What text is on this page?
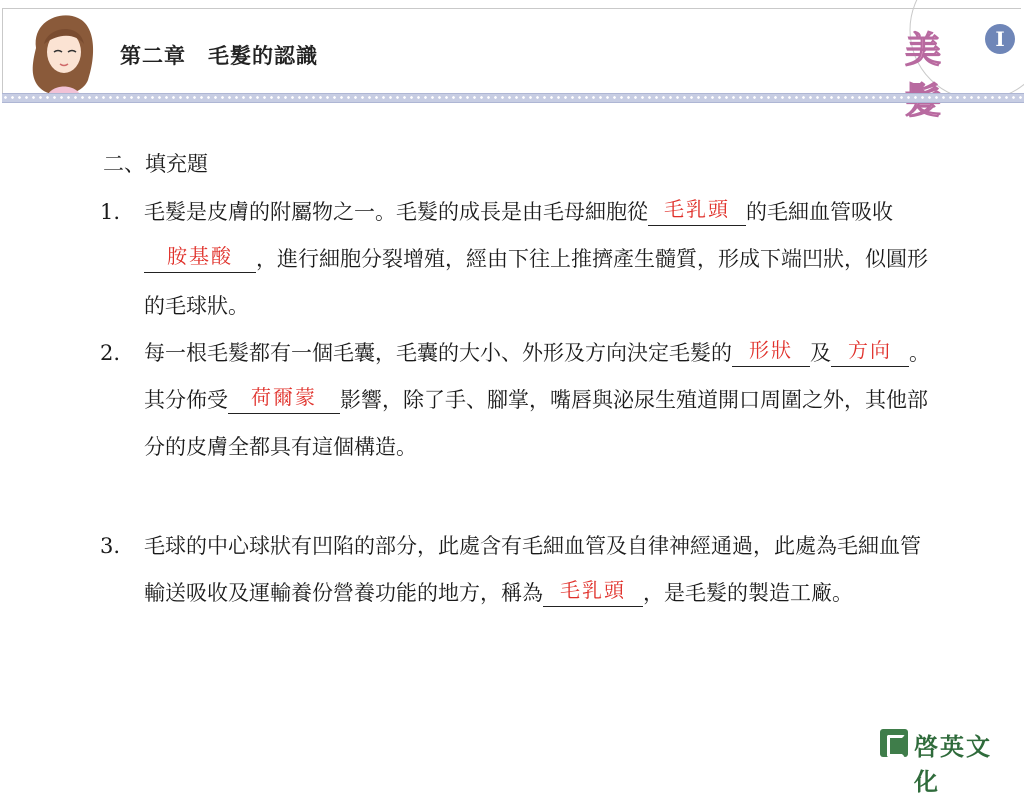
第二章　毛髮的認識	美	I
二、填充題
1. 毛髮是皮膚的附屬物之一。毛髮的成長是由毛母細胞從 毛乳頭 的毛細血管吸收胺基酸 ，進行細胞分裂增殖，經由下往上推擠產生髓質，形成下端凹狀，似圓形的毛球狀。
2. 每一根毛髮都有一個毛囊，毛囊的大小、外形及方向決定毛髮的 形狀 及 方向 。其分佈受 荷爾蒙 影響，除了手、腳掌，嘴唇與泌尿生殖道開口周圍之外，其他部分的皮膚全都具有這個構造。
3. 毛球的中心球狀有凹陷的部分，此處含有毛細血管及自律神經通過，此處為毛細血管輸送吸收及運輸養份營養功能的地方，稱為 毛乳頭 ，是毛髮的製造工廠。
啓英文化
